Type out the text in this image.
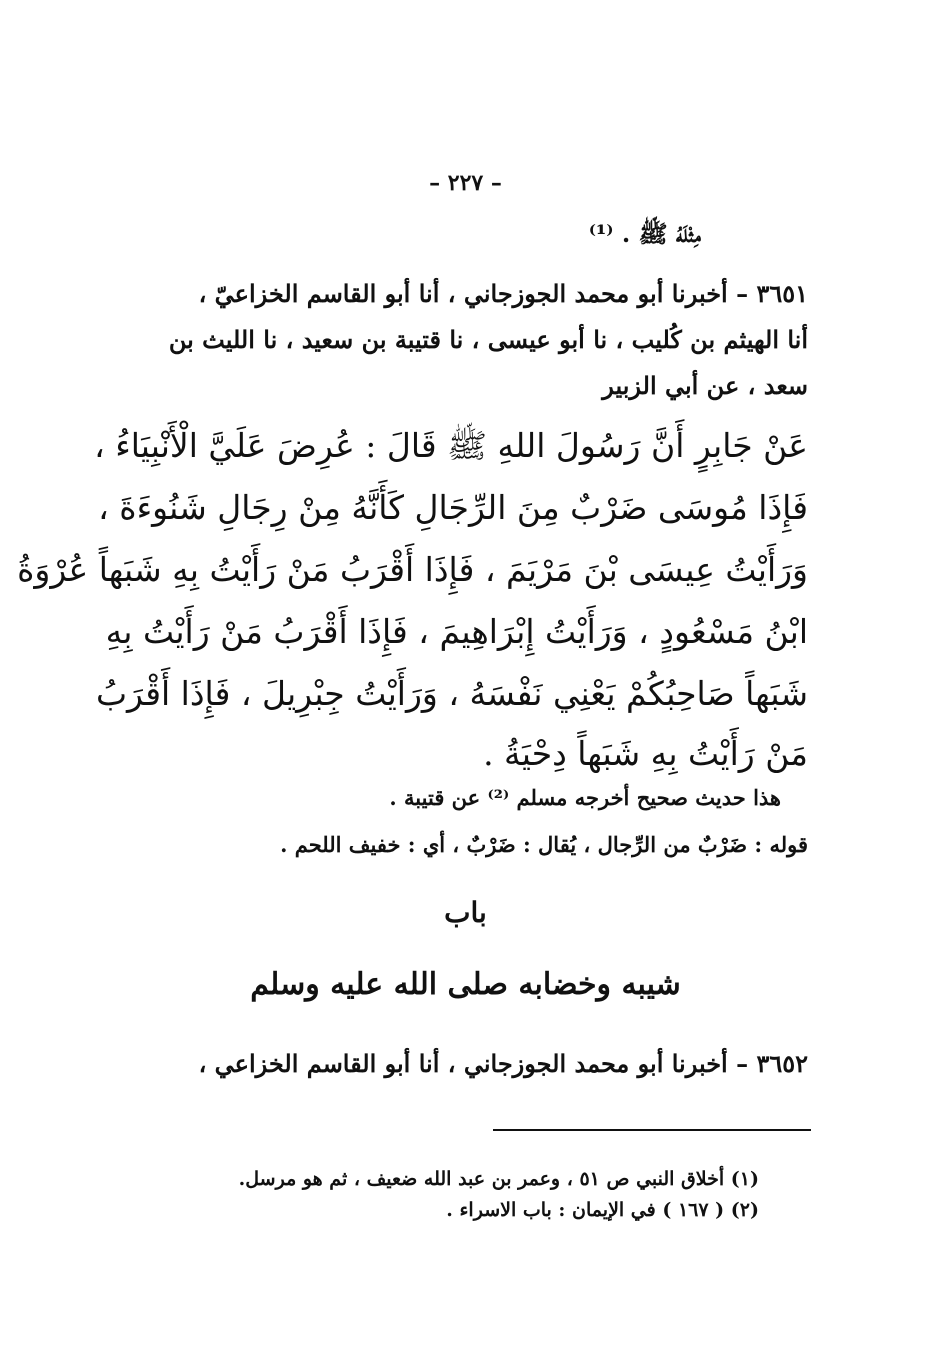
– ٢٢٧ –
مِثْلَهُ ﷺ . ⁽¹⁾
٣٦٥١ – أخبرنا أبو محمد الجوزجاني ، أنا أبو القاسم الخزاعيّ ،
أنا الهيثم بن كُليب ، نا أبو عيسى ، نا قتيبة بن سعيد ، نا الليث بن
سعد ، عن أبي الزبير
عَنْ جَابِرٍ أَنَّ رَسُولَ اللهِ ﷺ قَالَ : عُرِضَ عَلَيَّ الْأَنْبِيَاءُ ،
فَإِذَا مُوسَى ضَرْبٌ مِنَ الرِّجَالِ كَأَنَّهُ مِنْ رِجَالِ شَنُوءَةَ ،
وَرَأَيْتُ عِيسَى بْنَ مَرْيَمَ ، فَإِذَا أَقْرَبُ مَنْ رَأَيْتُ بِهِ شَبَهاً عُرْوَةُ
ابْنُ مَسْعُودٍ ، وَرَأَيْتُ إِبْرَاهِيمَ ، فَإِذَا أَقْرَبُ مَنْ رَأَيْتُ بِهِ
شَبَهاً صَاحِبُكُمْ يَعْنِي نَفْسَهُ ، وَرَأَيْتُ جِبْرِيلَ ، فَإِذَا أَقْرَبُ
مَنْ رَأَيْتُ بِهِ شَبَهاً دِحْيَةُ .
هذا حديث صحيح أخرجه مسلم ⁽²⁾ عن قتيبة .
قوله : ضَرْبٌ من الرِّجال ، يُقال : ضَرْبٌ ، أي : خفيف اللحم .
باب
شيبه وخضابه صلى الله عليه وسلم
٣٦٥٢ – أخبرنا أبو محمد الجوزجاني ، أنا أبو القاسم الخزاعي ،
(١) أخلاق النبي ص ٥١ ، وعمر بن عبد الله ضعيف ، ثم هو مرسل.
(٢) ( ١٦٧ ) في الإيمان : باب الاسراء .
